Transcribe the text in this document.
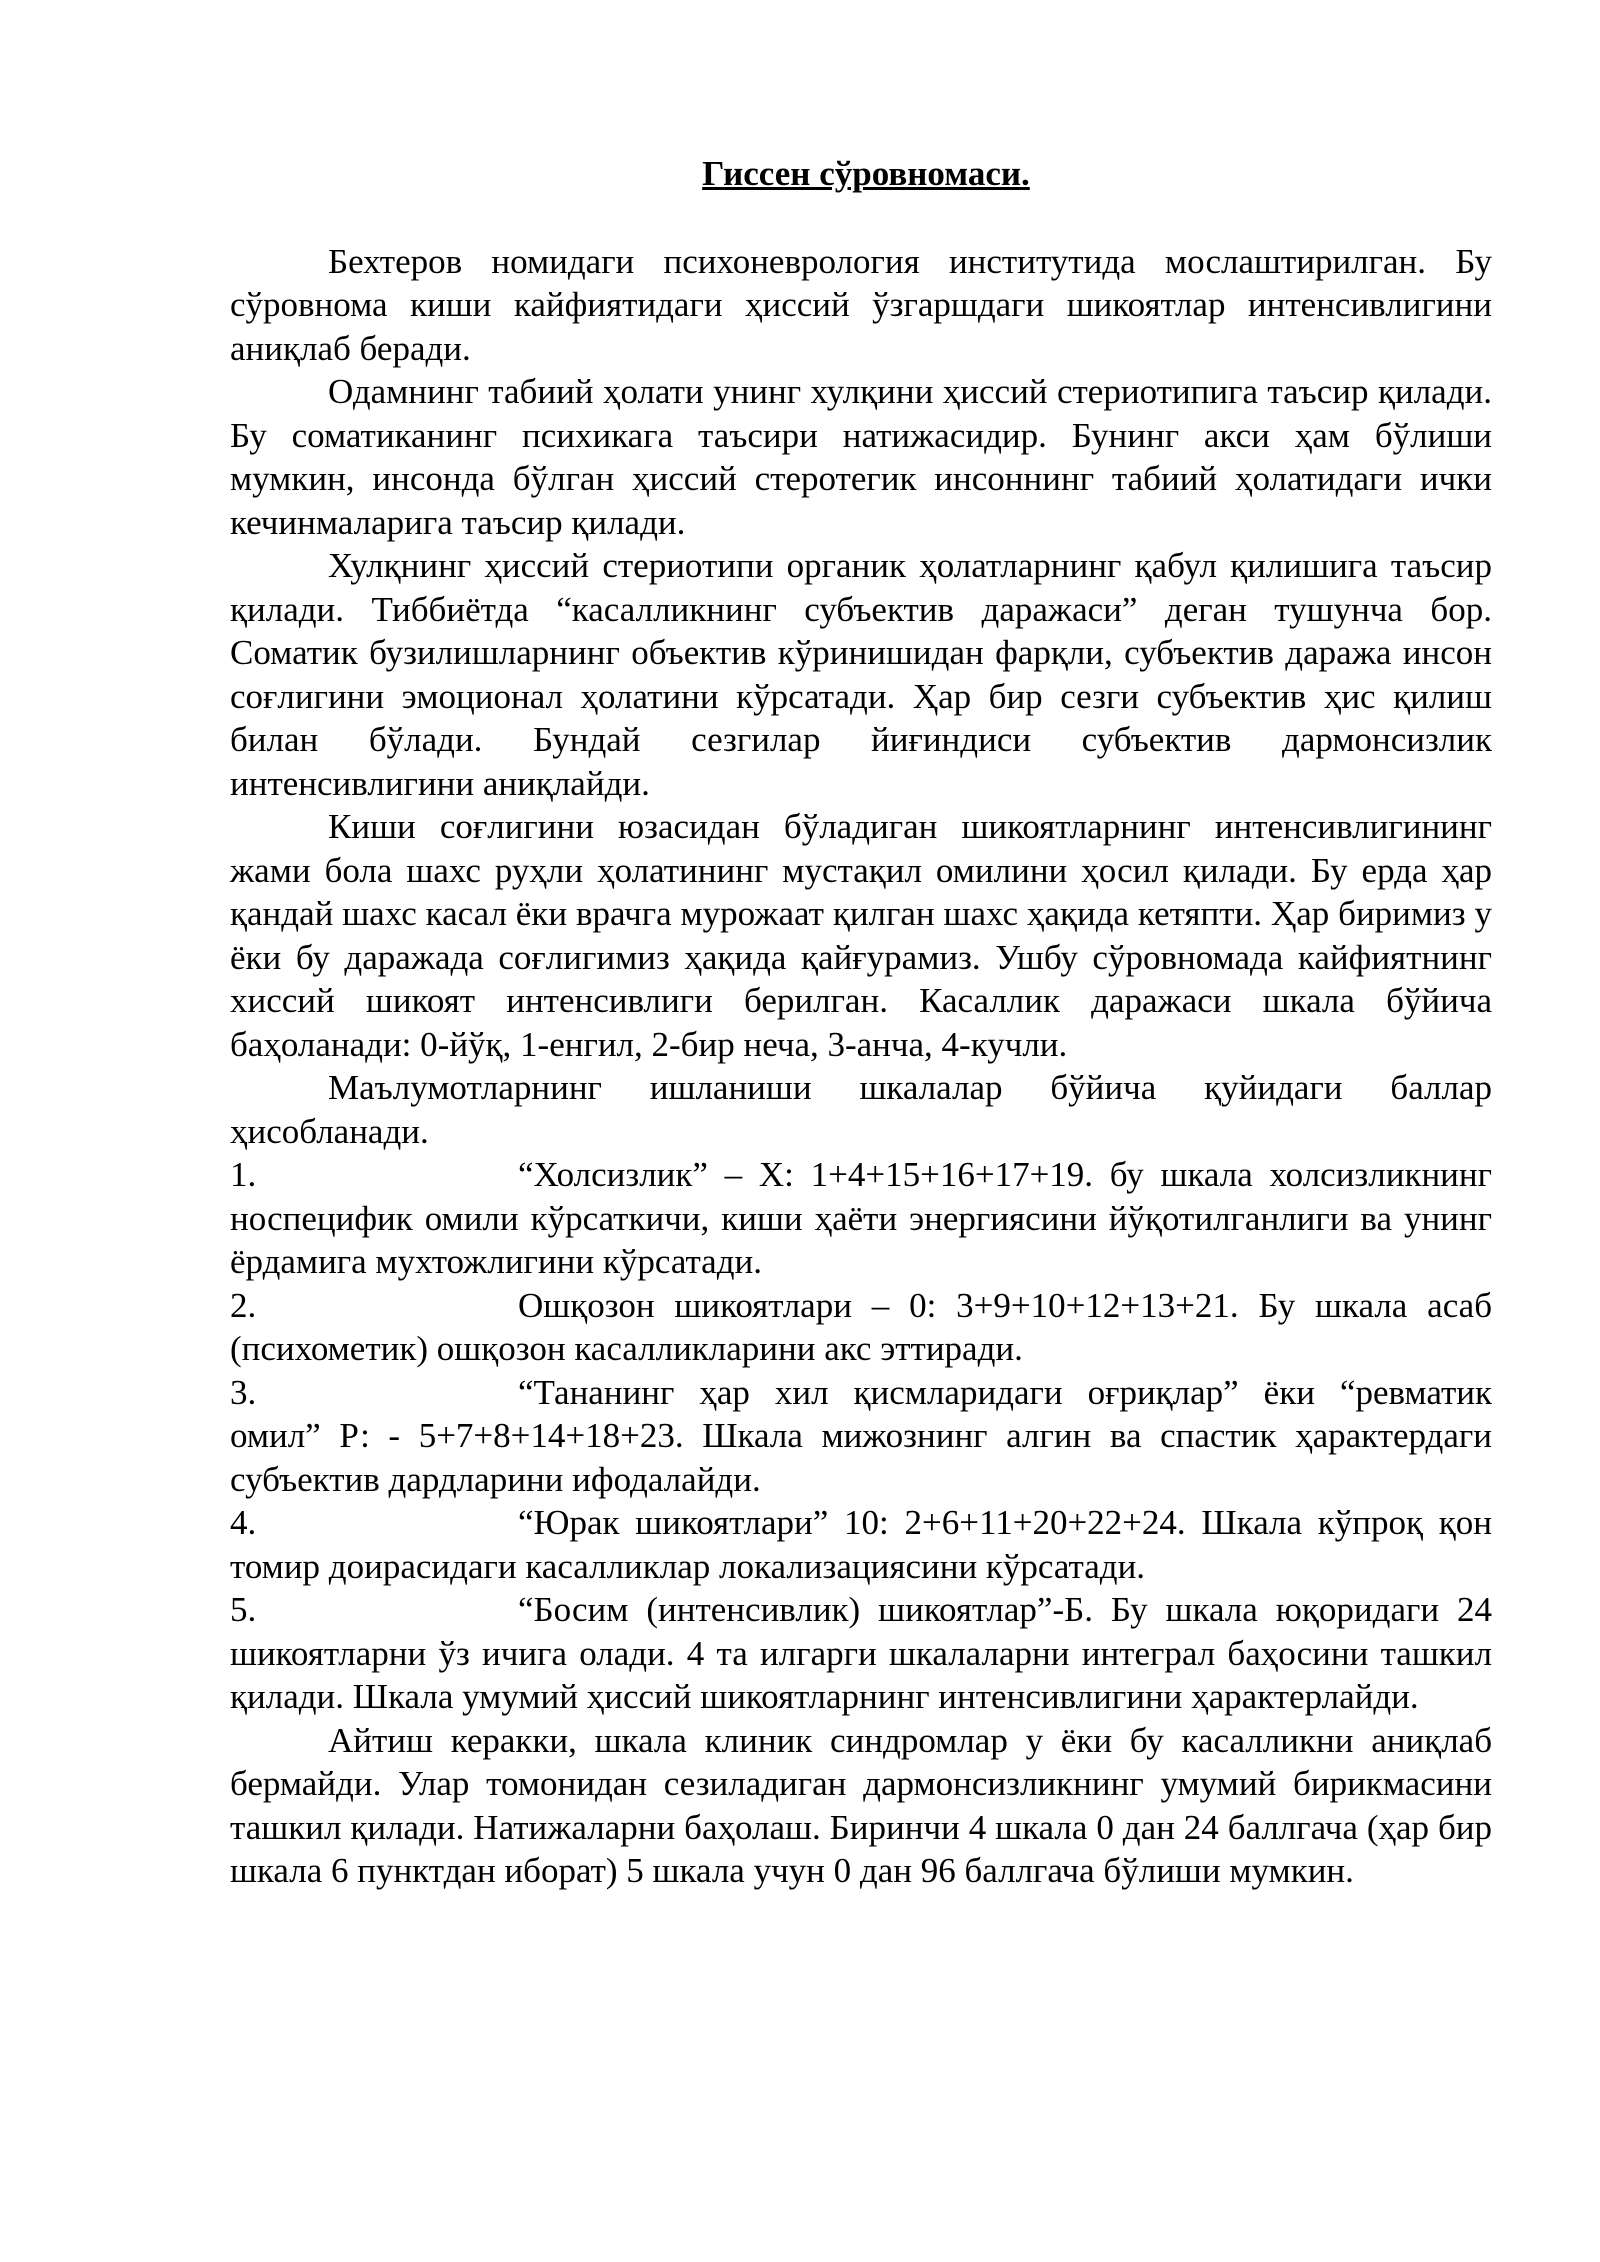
Гиссен сўровномаси.

Бехтеров номидаги психоневрология институтида мослаштирилган. Бу сўровнома киши кайфиятидаги ҳиссий ўзгаршдаги шикоятлар интенсивлигини аниқлаб беради.

Одамнинг табиий ҳолати унинг хулқини ҳиссий стериотипига таъсир қилади. Бу соматиканинг психикага таъсири натижасидир. Бунинг акси ҳам бўлиши мумкин, инсонда бўлган ҳиссий стеротегик инсоннинг табиий ҳолатидаги ички кечинмаларига таъсир қилади.

Хулқнинг ҳиссий стериотипи органик ҳолатларнинг қабул қилишига таъсир қилади. Тиббиётда “касалликнинг субъектив даражаси” деган тушунча бор. Соматик бузилишларнинг объектив кўринишидан фарқли, субъектив даража инсон соғлигини эмоционал ҳолатини кўрсатади. Ҳар бир сезги субъектив ҳис қилиш билан бўлади. Бундай сезгилар йиғиндиси субъектив дармонсизлик интенсивлигини аниқлайди.

Киши соғлигини юзасидан бўладиган шикоятларнинг интенсивлигининг жами бола шахс руҳли ҳолатининг мустақил омилини ҳосил қилади. Бу ерда ҳар қандай шахс касал ёки врачга мурожаат қилган шахс ҳақида кетяпти. Ҳар биримиз у ёки бу даражада соғлигимиз ҳақида қайғурамиз. Ушбу сўровномада кайфиятнинг хиссий шикоят интенсивлиги берилган. Касаллик даражаси шкала бўйича баҳоланади: 0-йўқ, 1-енгил, 2-бир неча, 3-анча, 4-кучли.

Маълумотларнинг ишланиши шкалалар бўйича қуйидаги баллар ҳисобланади.

1.	“Холсизлик” – Х: 1+4+15+16+17+19. бу шкала холсизликнинг носпецифик омили кўрсаткичи, киши ҳаёти энергиясини йўқотилганлиги ва унинг ёрдамига мухтожлигини кўрсатади.

2.	Ошқозон шикоятлари – 0: 3+9+10+12+13+21. Бу шкала асаб (психометик) ошқозон касалликларини акс эттиради.

3.	“Тананинг ҳар хил қисмларидаги оғриқлар” ёки “ревматик омил” Р: - 5+7+8+14+18+23. Шкала мижознинг алгин ва спастик ҳарактердаги субъектив дардларини ифодалайди.

4.	“Юрак шикоятлари” 10: 2+6+11+20+22+24. Шкала кўпроқ қон томир доирасидаги касалликлар локализациясини кўрсатади.

5.	“Босим (интенсивлик) шикоятлар”-Б. Бу шкала юқоридаги 24 шикоятларни ўз ичига олади. 4 та илгарги шкалаларни интеграл баҳосини ташкил қилади. Шкала умумий ҳиссий шикоятларнинг интенсивлигини ҳарактерлайди.

Айтиш керакки, шкала клиник синдромлар у ёки бу касалликни аниқлаб бермайди. Улар томонидан сезиладиган дармонсизликнинг умумий бирикмасини ташкил қилади. Натижаларни баҳолаш. Биринчи 4 шкала 0 дан 24 баллгача (ҳар бир шкала 6 пунктдан иборат) 5 шкала учун 0 дан 96 баллгача бўлиши мумкин.
